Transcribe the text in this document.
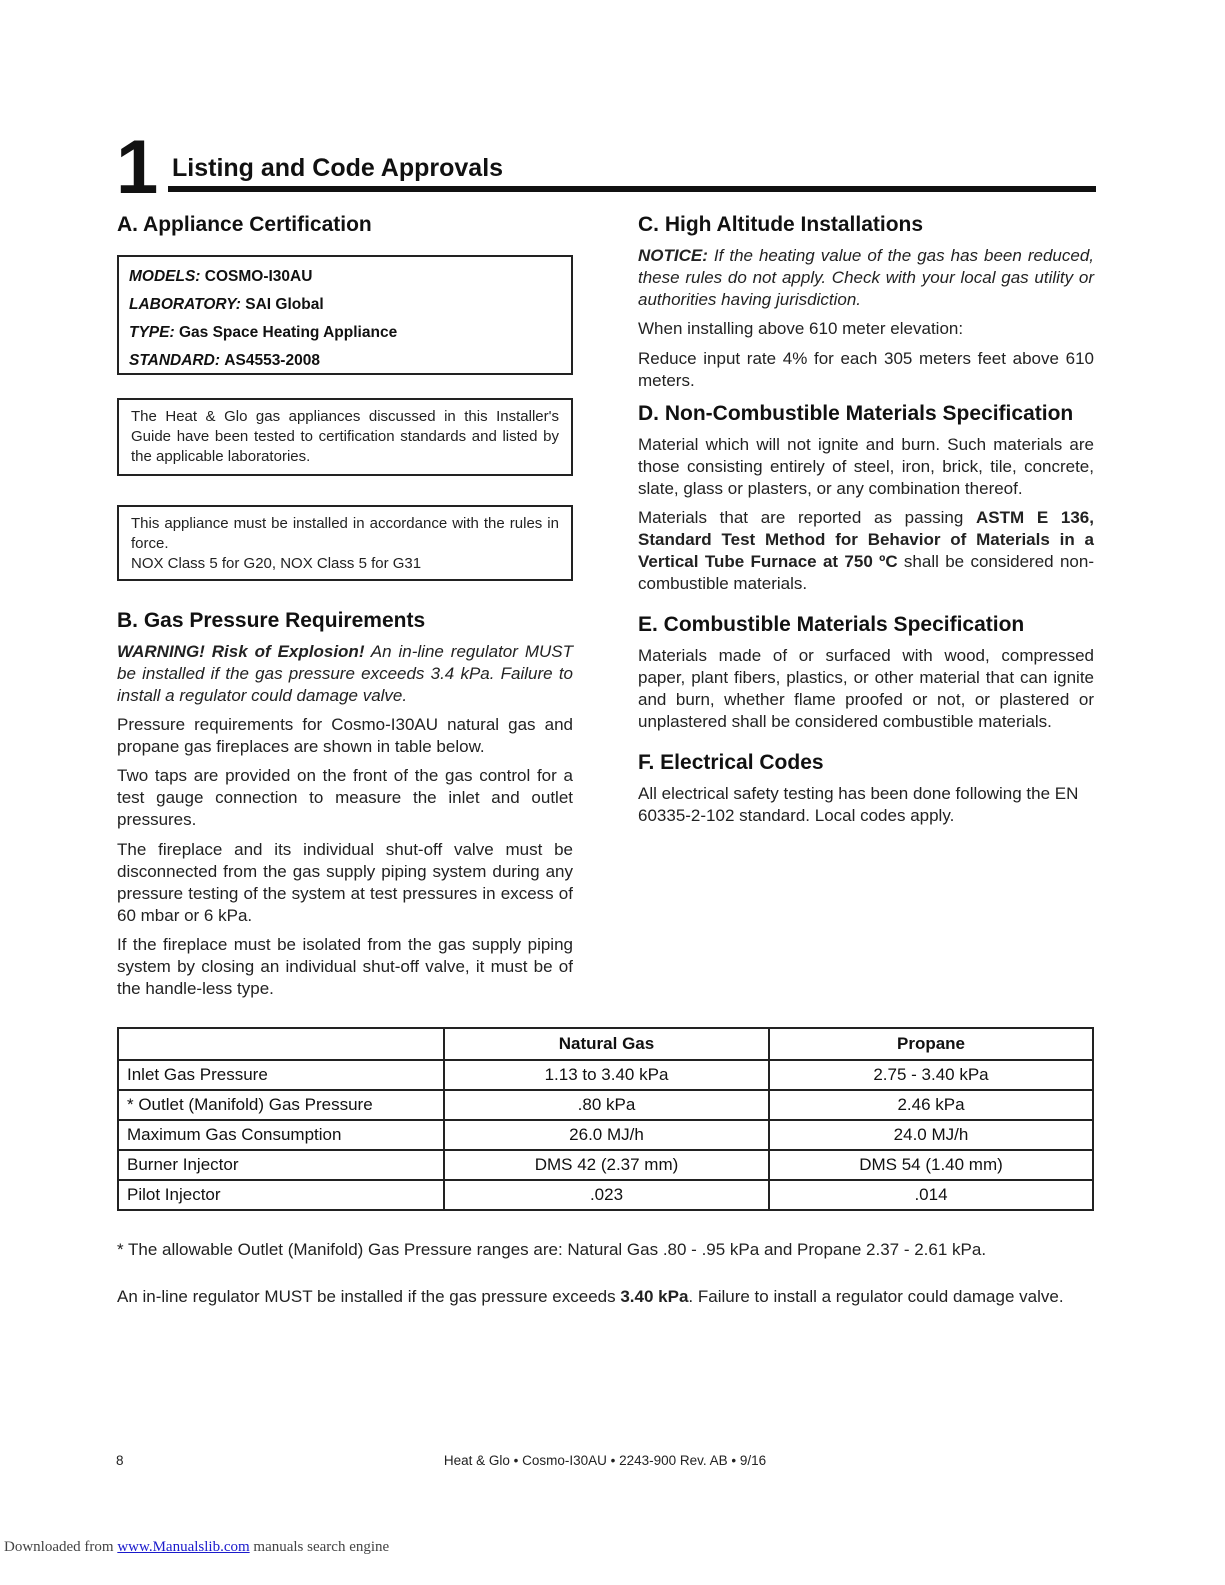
1 Listing and Code Approvals
A. Appliance Certification
MODELS: COSMO-I30AU
LABORATORY: SAI Global
TYPE: Gas Space Heating Appliance
STANDARD: AS4553-2008
The Heat & Glo gas appliances discussed in this Installer's Guide have been tested to certification standards and listed by the applicable laboratories.
This appliance must be installed in accordance with the rules in force.
NOX Class 5 for G20, NOX Class 5 for G31
B. Gas Pressure Requirements
WARNING! Risk of Explosion! An in-line regulator MUST be installed if the gas pressure exceeds 3.4 kPa. Failure to install a regulator could damage valve.
Pressure requirements for Cosmo-I30AU natural gas and propane gas fireplaces are shown in table below.
Two taps are provided on the front of the gas control for a test gauge connection to measure the inlet and outlet pressures.
The fireplace and its individual shut-off valve must be disconnected from the gas supply piping system during any pressure testing of the system at test pressures in excess of 60 mbar or 6 kPa.
If the fireplace must be isolated from the gas supply piping system by closing an individual shut-off valve, it must be of the handle-less type.
C. High Altitude Installations
NOTICE: If the heating value of the gas has been reduced, these rules do not apply. Check with your local gas utility or authorities having jurisdiction.
When installing above 610 meter elevation:
Reduce input rate 4% for each 305 meters feet above 610 meters.
D. Non-Combustible Materials Specification
Material which will not ignite and burn. Such materials are those consisting entirely of steel, iron, brick, tile, concrete, slate, glass or plasters, or any combination thereof.
Materials that are reported as passing ASTM E 136, Standard Test Method for Behavior of Materials in a Vertical Tube Furnace at 750 ºC shall be considered non-combustible materials.
E. Combustible Materials Specification
Materials made of or surfaced with wood, compressed paper, plant fibers, plastics, or other material that can ignite and burn, whether flame proofed or not, or plastered or unplastered shall be considered combustible materials.
F. Electrical Codes
All electrical safety testing has been done following the EN 60335-2-102 standard. Local codes apply.
	Natural Gas	Propane
Inlet Gas Pressure	1.13 to 3.40 kPa	2.75 - 3.40 kPa
* Outlet (Manifold) Gas Pressure	.80 kPa	2.46 kPa
Maximum Gas Consumption	26.0 MJ/h	24.0 MJ/h
Burner Injector	DMS 42 (2.37 mm)	DMS 54 (1.40 mm)
Pilot Injector	.023	.014
* The allowable Outlet (Manifold) Gas Pressure ranges are: Natural Gas .80 - .95 kPa and Propane 2.37 - 2.61 kPa.
An in-line regulator MUST be installed if the gas pressure exceeds 3.40 kPa. Failure to install a regulator could damage valve.
8	Heat & Glo • Cosmo-I30AU • 2243-900 Rev. AB • 9/16
Downloaded from www.Manualslib.com manuals search engine
